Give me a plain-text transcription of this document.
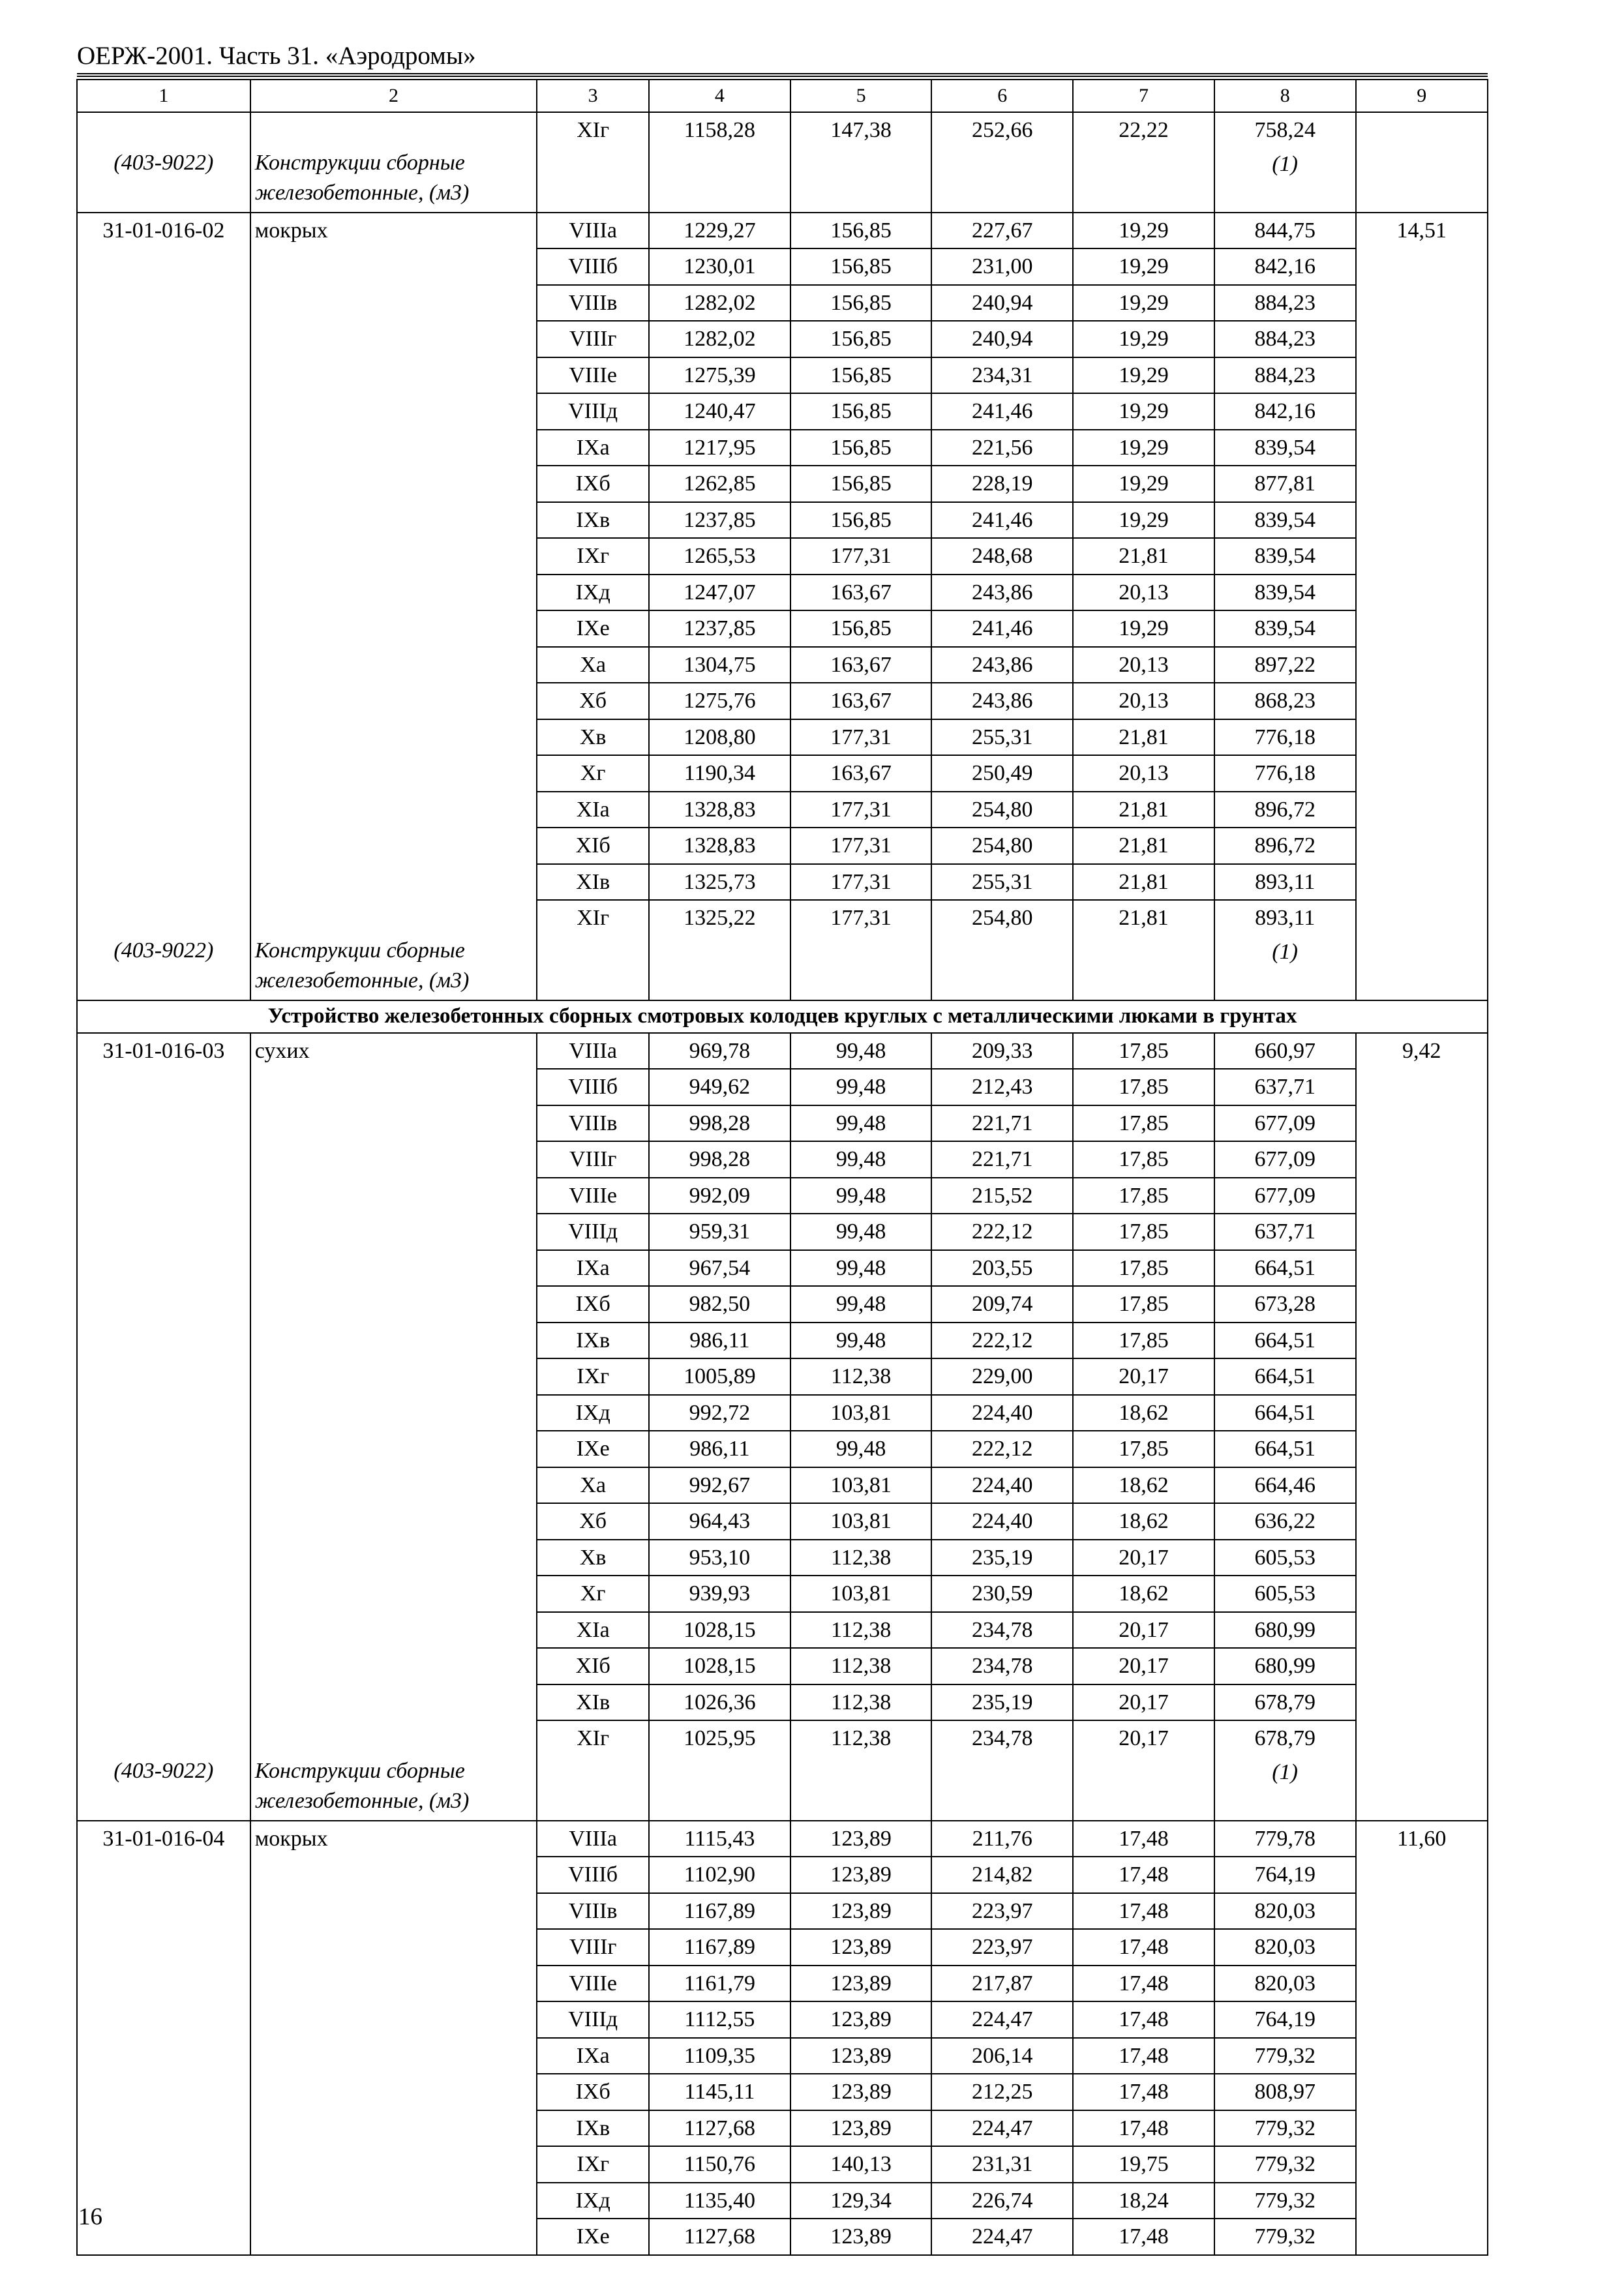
ОЕРЖ-2001. Часть 31. «Аэродромы»
1	2	3	4	5	6	7	8	9
		XIг	1158,28	147,38	252,66	22,22	758,24	
(403-9022)	Конструкции сборные железобетонные, (м3)						(1)	
31-01-016-02	мокрых	VIIIа	1229,27	156,85	227,67	19,29	844,75	14,51
		VIIIб	1230,01	156,85	231,00	19,29	842,16	
		VIIIв	1282,02	156,85	240,94	19,29	884,23	
		VIIIг	1282,02	156,85	240,94	19,29	884,23	
		VIIIе	1275,39	156,85	234,31	19,29	884,23	
		VIIIд	1240,47	156,85	241,46	19,29	842,16	
		IXа	1217,95	156,85	221,56	19,29	839,54	
		IXб	1262,85	156,85	228,19	19,29	877,81	
		IXв	1237,85	156,85	241,46	19,29	839,54	
		IXг	1265,53	177,31	248,68	21,81	839,54	
		IXд	1247,07	163,67	243,86	20,13	839,54	
		IXе	1237,85	156,85	241,46	19,29	839,54	
		Xа	1304,75	163,67	243,86	20,13	897,22	
		Xб	1275,76	163,67	243,86	20,13	868,23	
		Xв	1208,80	177,31	255,31	21,81	776,18	
		Xг	1190,34	163,67	250,49	20,13	776,18	
		XIа	1328,83	177,31	254,80	21,81	896,72	
		XIб	1328,83	177,31	254,80	21,81	896,72	
		XIв	1325,73	177,31	255,31	21,81	893,11	
		XIг	1325,22	177,31	254,80	21,81	893,11	
(403-9022)	Конструкции сборные железобетонные, (м3)						(1)	
Устройство железобетонных сборных смотровых колодцев круглых с металлическими люками в грунтах								
31-01-016-03	сухих	VIIIа	969,78	99,48	209,33	17,85	660,97	9,42
		VIIIб	949,62	99,48	212,43	17,85	637,71	
		VIIIв	998,28	99,48	221,71	17,85	677,09	
		VIIIг	998,28	99,48	221,71	17,85	677,09	
		VIIIе	992,09	99,48	215,52	17,85	677,09	
		VIIIд	959,31	99,48	222,12	17,85	637,71	
		IXа	967,54	99,48	203,55	17,85	664,51	
		IXб	982,50	99,48	209,74	17,85	673,28	
		IXв	986,11	99,48	222,12	17,85	664,51	
		IXг	1005,89	112,38	229,00	20,17	664,51	
		IXд	992,72	103,81	224,40	18,62	664,51	
		IXе	986,11	99,48	222,12	17,85	664,51	
		Xа	992,67	103,81	224,40	18,62	664,46	
		Xб	964,43	103,81	224,40	18,62	636,22	
		Xв	953,10	112,38	235,19	20,17	605,53	
		Xг	939,93	103,81	230,59	18,62	605,53	
		XIа	1028,15	112,38	234,78	20,17	680,99	
		XIб	1028,15	112,38	234,78	20,17	680,99	
		XIв	1026,36	112,38	235,19	20,17	678,79	
		XIг	1025,95	112,38	234,78	20,17	678,79	
(403-9022)	Конструкции сборные железобетонные, (м3)						(1)	
31-01-016-04	мокрых	VIIIа	1115,43	123,89	211,76	17,48	779,78	11,60
		VIIIб	1102,90	123,89	214,82	17,48	764,19	
		VIIIв	1167,89	123,89	223,97	17,48	820,03	
		VIIIг	1167,89	123,89	223,97	17,48	820,03	
		VIIIе	1161,79	123,89	217,87	17,48	820,03	
		VIIIд	1112,55	123,89	224,47	17,48	764,19	
		IXа	1109,35	123,89	206,14	17,48	779,32	
		IXб	1145,11	123,89	212,25	17,48	808,97	
		IXв	1127,68	123,89	224,47	17,48	779,32	
		IXг	1150,76	140,13	231,31	19,75	779,32	
		IXд	1135,40	129,34	226,74	18,24	779,32	
		IXе	1127,68	123,89	224,47	17,48	779,32	
16
